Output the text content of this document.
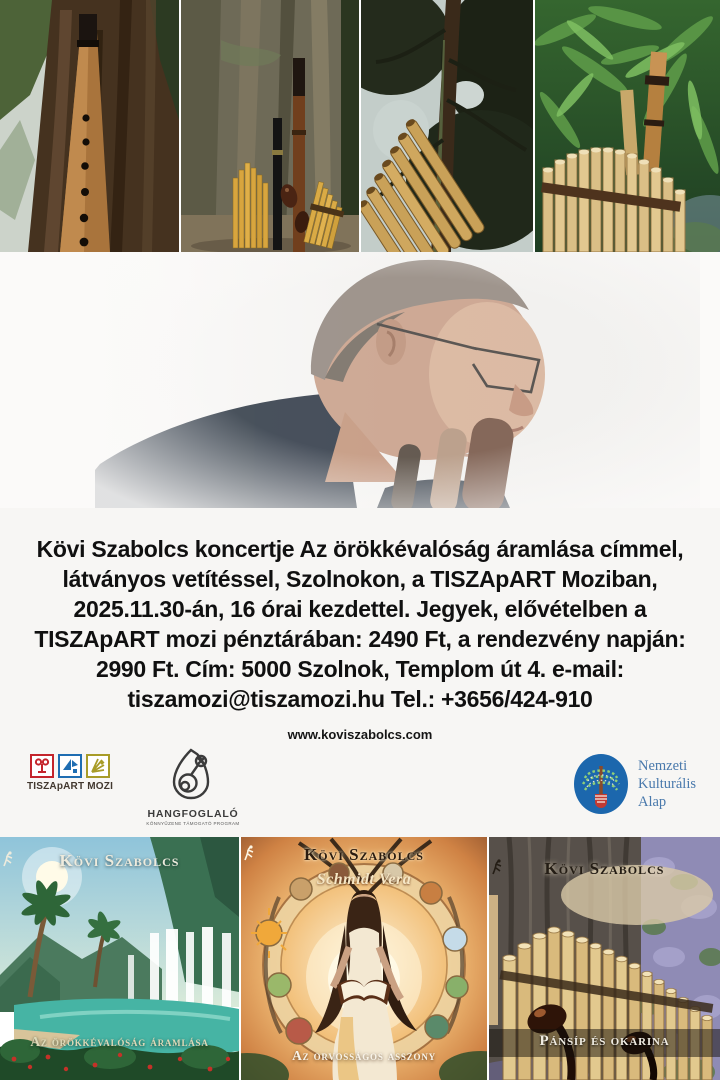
Kövi Szabolcs koncertje Az örökkévalóság áramlása címmel,
látványos vetítéssel, Szolnokon, a TISZApART Moziban,
2025.11.30-án, 16 órai kezdettel. Jegyek, elővételben a
TISZApART mozi pénztárában: 2490 Ft, a rendezvény napján:
2990 Ft. Cím: 5000 Szolnok, Templom út 4. e-mail:
tiszamozi@tiszamozi.hu Tel.: +3656/424-910
www.koviszabolcs.com
TISZApART MOZI
HANGFOGLALÓ
KÖNNYŰZENE TÁMOGATÓ PROGRAM
Nemzeti
Kulturális
Alap
Kövi Szabolcs
Az örökkévalóság áramlása
Kövi Szabolcs
Schmidt Vera
Az orvosságos asszony
Kövi Szabolcs
Pánsíp és okarina
